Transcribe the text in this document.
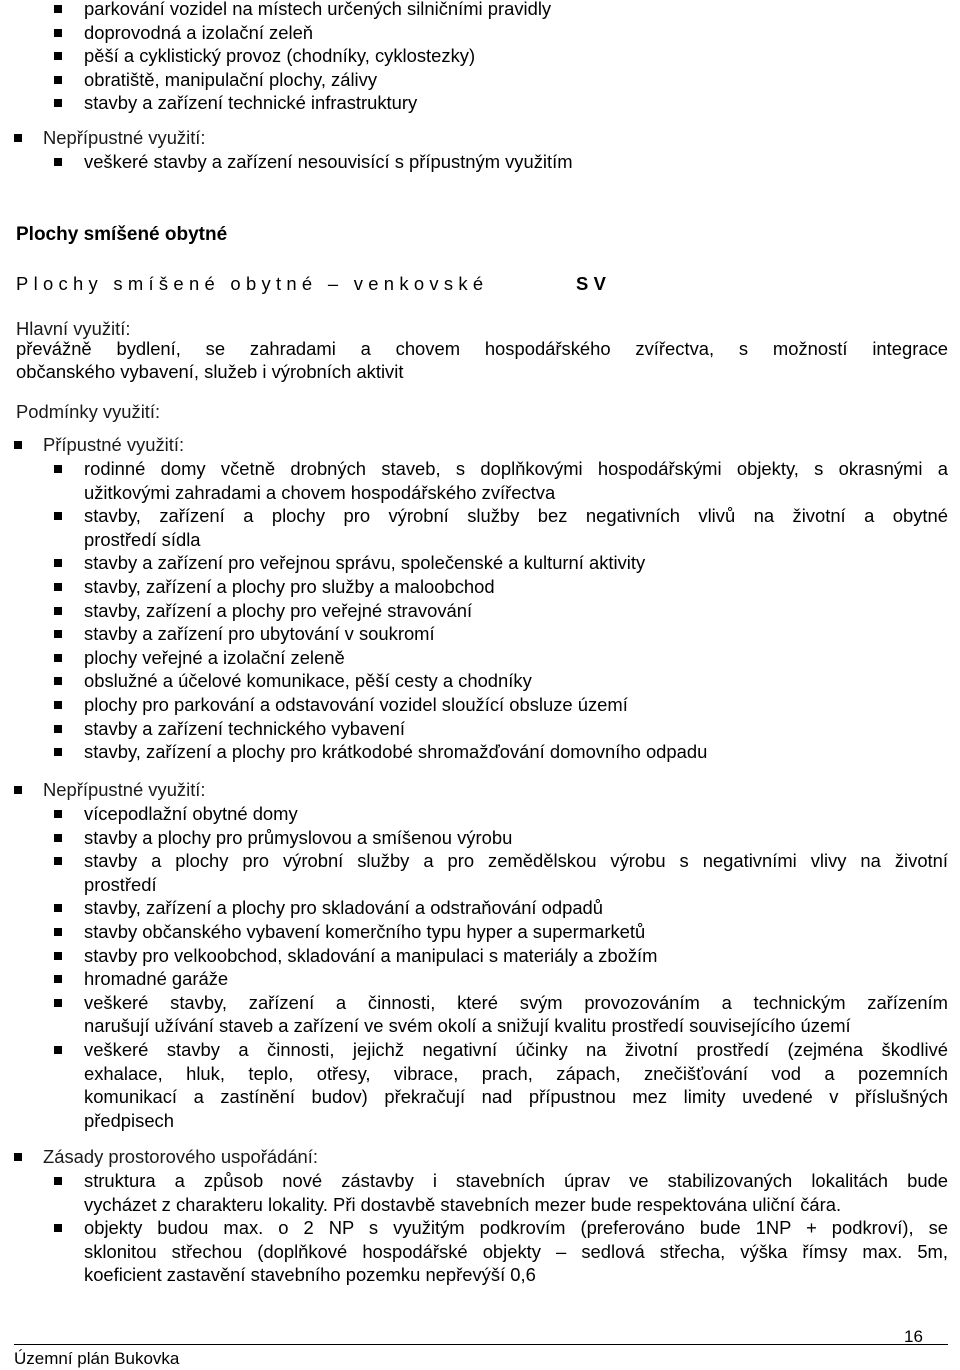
parkování vozidel na místech určených silničními pravidly
doprovodná a izolační zeleň
pěší a cyklistický provoz (chodníky, cyklostezky)
obratiště, manipulační plochy, zálivy
stavby a zařízení technické infrastruktury
Nepřípustné využití:
veškeré stavby a zařízení nesouvisící s přípustným využitím
Plochy smíšené obytné
Plochy smíšené obytné – venkovské	SV
Hlavní využití:
převážně bydlení, se zahradami a chovem hospodářského zvířectva, s možností integrace
občanského vybavení, služeb i výrobních aktivit
Podmínky využití:
Přípustné využití:
rodinné domy včetně drobných staveb, s doplňkovými hospodářskými objekty, s okrasnými a
užitkovými zahradami a chovem hospodářského zvířectva
stavby, zařízení a plochy pro výrobní služby bez negativních vlivů na životní a obytné
prostředí sídla
stavby a zařízení pro veřejnou správu, společenské a kulturní aktivity
stavby, zařízení a plochy pro služby a maloobchod
stavby, zařízení a plochy pro veřejné stravování
stavby a zařízení pro ubytování v soukromí
plochy veřejné a izolační zeleně
obslužné a účelové komunikace, pěší cesty a chodníky
plochy pro parkování a odstavování vozidel sloužící obsluze území
stavby a zařízení technického vybavení
stavby, zařízení a plochy pro krátkodobé shromažďování domovního odpadu
Nepřípustné využití:
vícepodlažní obytné domy
stavby a plochy pro průmyslovou a smíšenou výrobu
stavby a plochy pro výrobní služby a pro zemědělskou výrobu s negativními vlivy na životní
prostředí
stavby, zařízení a plochy pro skladování a odstraňování odpadů
stavby občanského vybavení komerčního typu hyper a supermarketů
stavby pro velkoobchod, skladování a manipulaci s materiály a zbožím
hromadné garáže
veškeré stavby, zařízení a činnosti, které svým provozováním a technickým zařízením
narušují užívání staveb a zařízení ve svém okolí a snižují kvalitu prostředí souvisejícího území
veškeré stavby a činnosti, jejichž negativní účinky na životní prostředí (zejména škodlivé
exhalace, hluk, teplo, otřesy, vibrace, prach, zápach, znečišťování vod a pozemních
komunikací a zastínění budov) překračují nad přípustnou mez limity uvedené v příslušných
předpisech
Zásady prostorového uspořádání:
struktura a způsob nové zástavby i stavebních úprav ve stabilizovaných lokalitách bude
vycházet z charakteru lokality. Při dostavbě stavebních mezer bude respektována uliční čára.
objekty budou max. o 2 NP s využitým podkrovím (preferováno bude 1NP + podkroví), se
sklonitou střechou (doplňkové hospodářské objekty – sedlová střecha, výška římsy max. 5m,
koeficient zastavění stavebního pozemku nepřevýší 0,6
Územní plán Bukovka
16
